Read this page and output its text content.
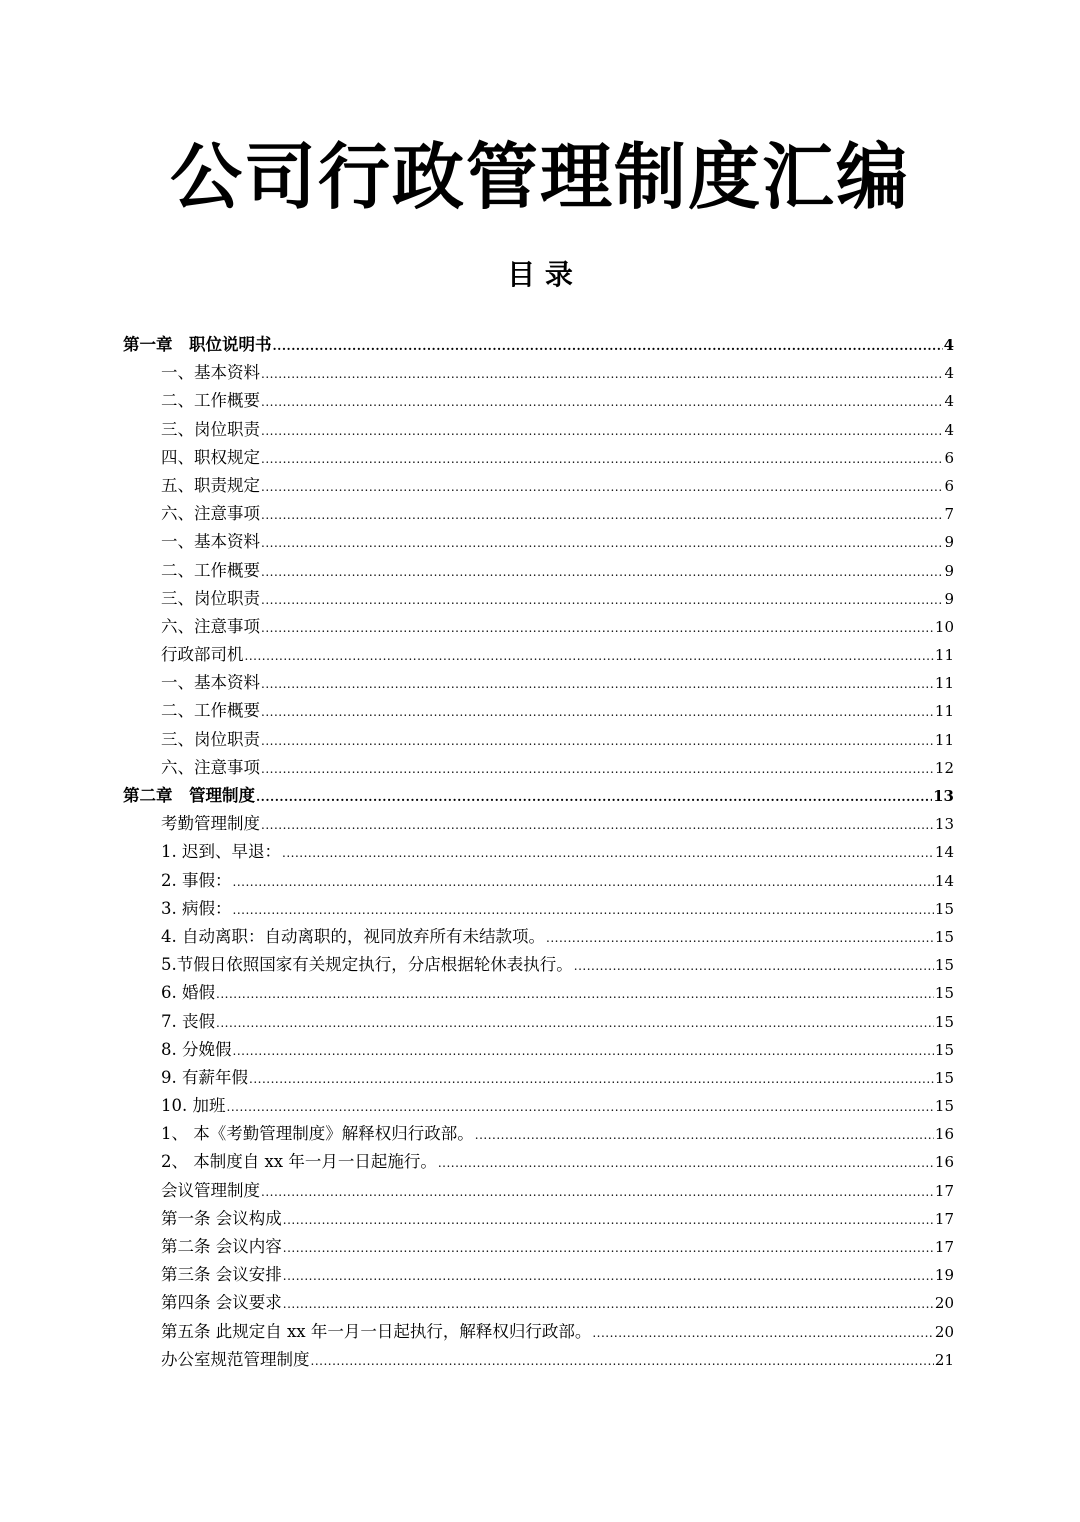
公司行政管理制度汇编
目 录
第一章　职位说明书 .....	4
一、基本资料 .....	4
二、工作概要 .....	4
三、岗位职责 .....	4
四、职权规定 .....	6
五、职责规定 .....	6
六、注意事项 .....	7
一、基本资料 .....	9
二、工作概要 .....	9
三、岗位职责 .....	9
六、注意事项 .....	10
行政部司机 .....	11
一、基本资料 .....	11
二、工作概要 .....	11
三、岗位职责 .....	11
六、注意事项 .....	12
第二章　管理制度 .....	13
考勤管理制度 .....	13
1. 迟到、早退： .....	14
2. 事假： .....	14
3. 病假： .....	15
4. 自动离职：自动离职的，视同放弃所有未结款项。 .....	15
5.节假日依照国家有关规定执行，分店根据轮休表执行。 .....	15
6. 婚假 .....	15
7. 丧假 .....	15
8. 分娩假 .....	15
9. 有薪年假 .....	15
10. 加班 .....	15
1、 本《考勤管理制度》解释权归行政部。 .....	16
2、 本制度自 xx 年一月一日起施行。 .....	16
会议管理制度 .....	17
第一条 会议构成 .....	17
第二条 会议内容 .....	17
第三条 会议安排 .....	19
第四条 会议要求 .....	20
第五条 此规定自 xx 年一月一日起执行，解释权归行政部。 .....	20
办公室规范管理制度 .....	21
